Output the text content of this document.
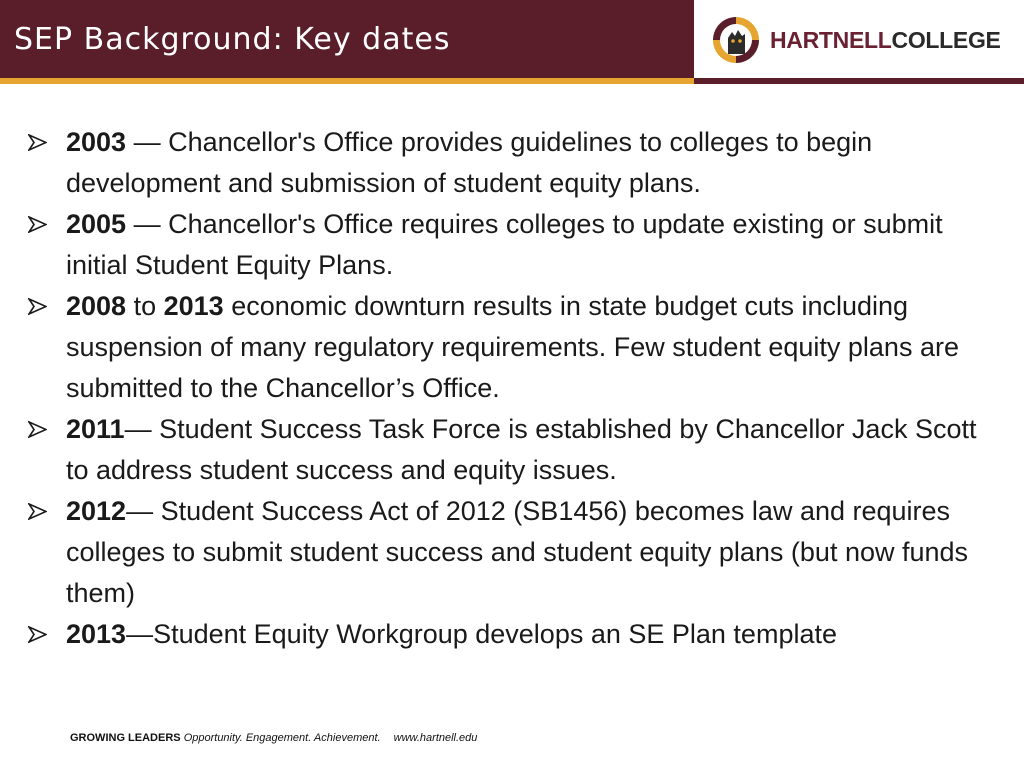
SEP Background: Key dates	HARTNELLCOLLEGE
2003 — Chancellor's Office provides guidelines to colleges to begin development and submission of student equity plans.
2005 — Chancellor's Office requires colleges to update existing or submit initial Student Equity Plans.
2008 to 2013 economic downturn results in state budget cuts including suspension of many regulatory requirements. Few student equity plans are submitted to the Chancellor’s Office.
2011— Student Success Task Force is established by Chancellor Jack Scott to address student success and equity issues.
2012— Student Success Act of 2012 (SB1456) becomes law and requires colleges to submit student success and student equity plans (but now funds them)
2013—Student Equity Workgroup develops an SE Plan template
GROWING LEADERS Opportunity. Engagement. Achievement. www.hartnell.edu
